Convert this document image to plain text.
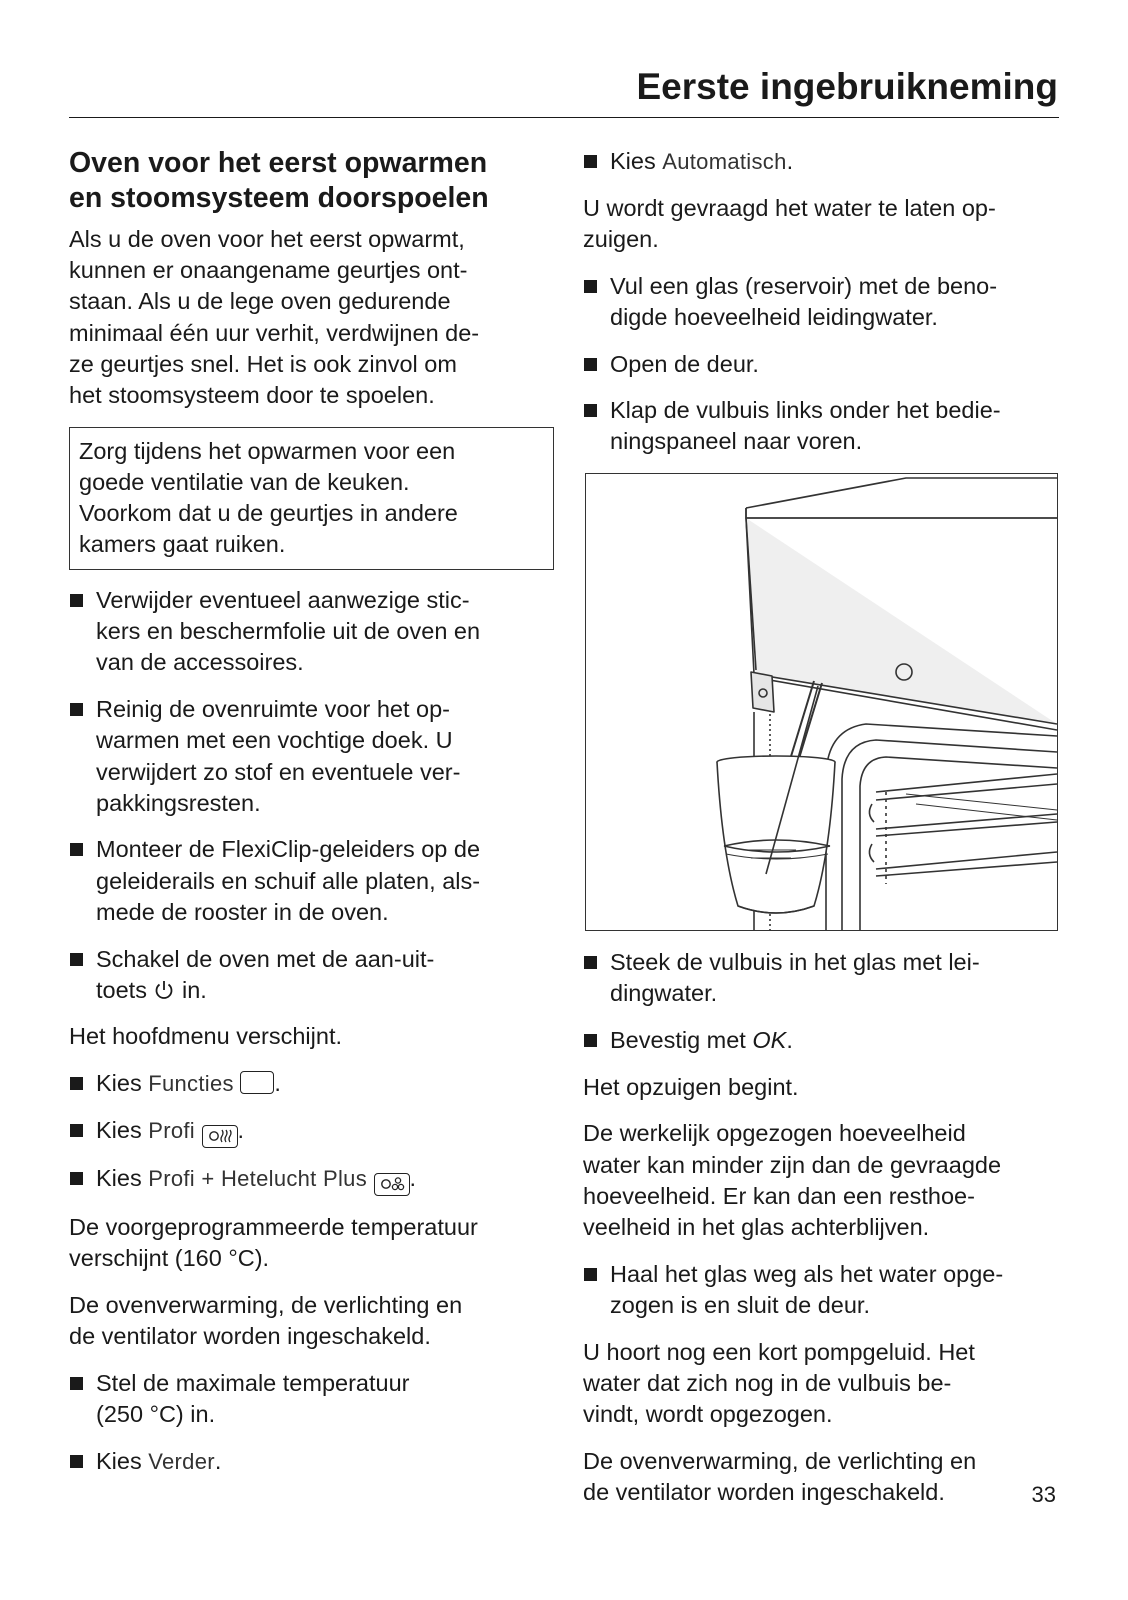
Eerste ingebruikneming
Oven voor het eerst opwarmen
en stoomsysteem doorspoelen

Als u de oven voor het eerst opwarmt,
kunnen er onaangename geurtjes ont-
staan. Als u de lege oven gedurende
minimaal één uur verhit, verdwijnen de-
ze geurtjes snel. Het is ook zinvol om
het stoomsysteem door te spoelen.

Zorg tijdens het opwarmen voor een
goede ventilatie van de keuken.
Voorkom dat u de geurtjes in andere
kamers gaat ruiken.
Verwijder eventueel aanwezige stic-
kers en beschermfolie uit de oven en
van de accessoires.
Reinig de ovenruimte voor het op-
warmen met een vochtige doek. U
verwijdert zo stof en eventuele ver-
pakkingsresten.
Monteer de FlexiClip-geleiders op de
geleiderails en schuif alle platen, als-
mede de rooster in de oven.
Schakel de oven met de aan-uit-
toets in.

Het hoofdmenu verschijnt.

Kies Functies .
Kies Profi .
Kies Profi + Hetelucht Plus .

De voorgeprogrammeerde temperatuur
verschijnt (160 °C).

De ovenverwarming, de verlichting en
de ventilator worden ingeschakeld.

Stel de maximale temperatuur
(250 °C) in.
Kies Verder.
Kies Automatisch.

U wordt gevraagd het water te laten op-
zuigen.

Vul een glas (reservoir) met de beno-
digde hoeveelheid leidingwater.
Open de deur.
Klap de vulbuis links onder het bedie-
ningspaneel naar voren.
Steek de vulbuis in het glas met lei-
dingwater.
Bevestig met OK.

Het opzuigen begint.

De werkelijk opgezogen hoeveelheid
water kan minder zijn dan de gevraagde
hoeveelheid. Er kan dan een resthoe-
veelheid in het glas achterblijven.

Haal het glas weg als het water opge-
zogen is en sluit de deur.

U hoort nog een kort pompgeluid. Het
water dat zich nog in de vulbuis be-
vindt, wordt opgezogen.

De ovenverwarming, de verlichting en
de ventilator worden ingeschakeld.	33
